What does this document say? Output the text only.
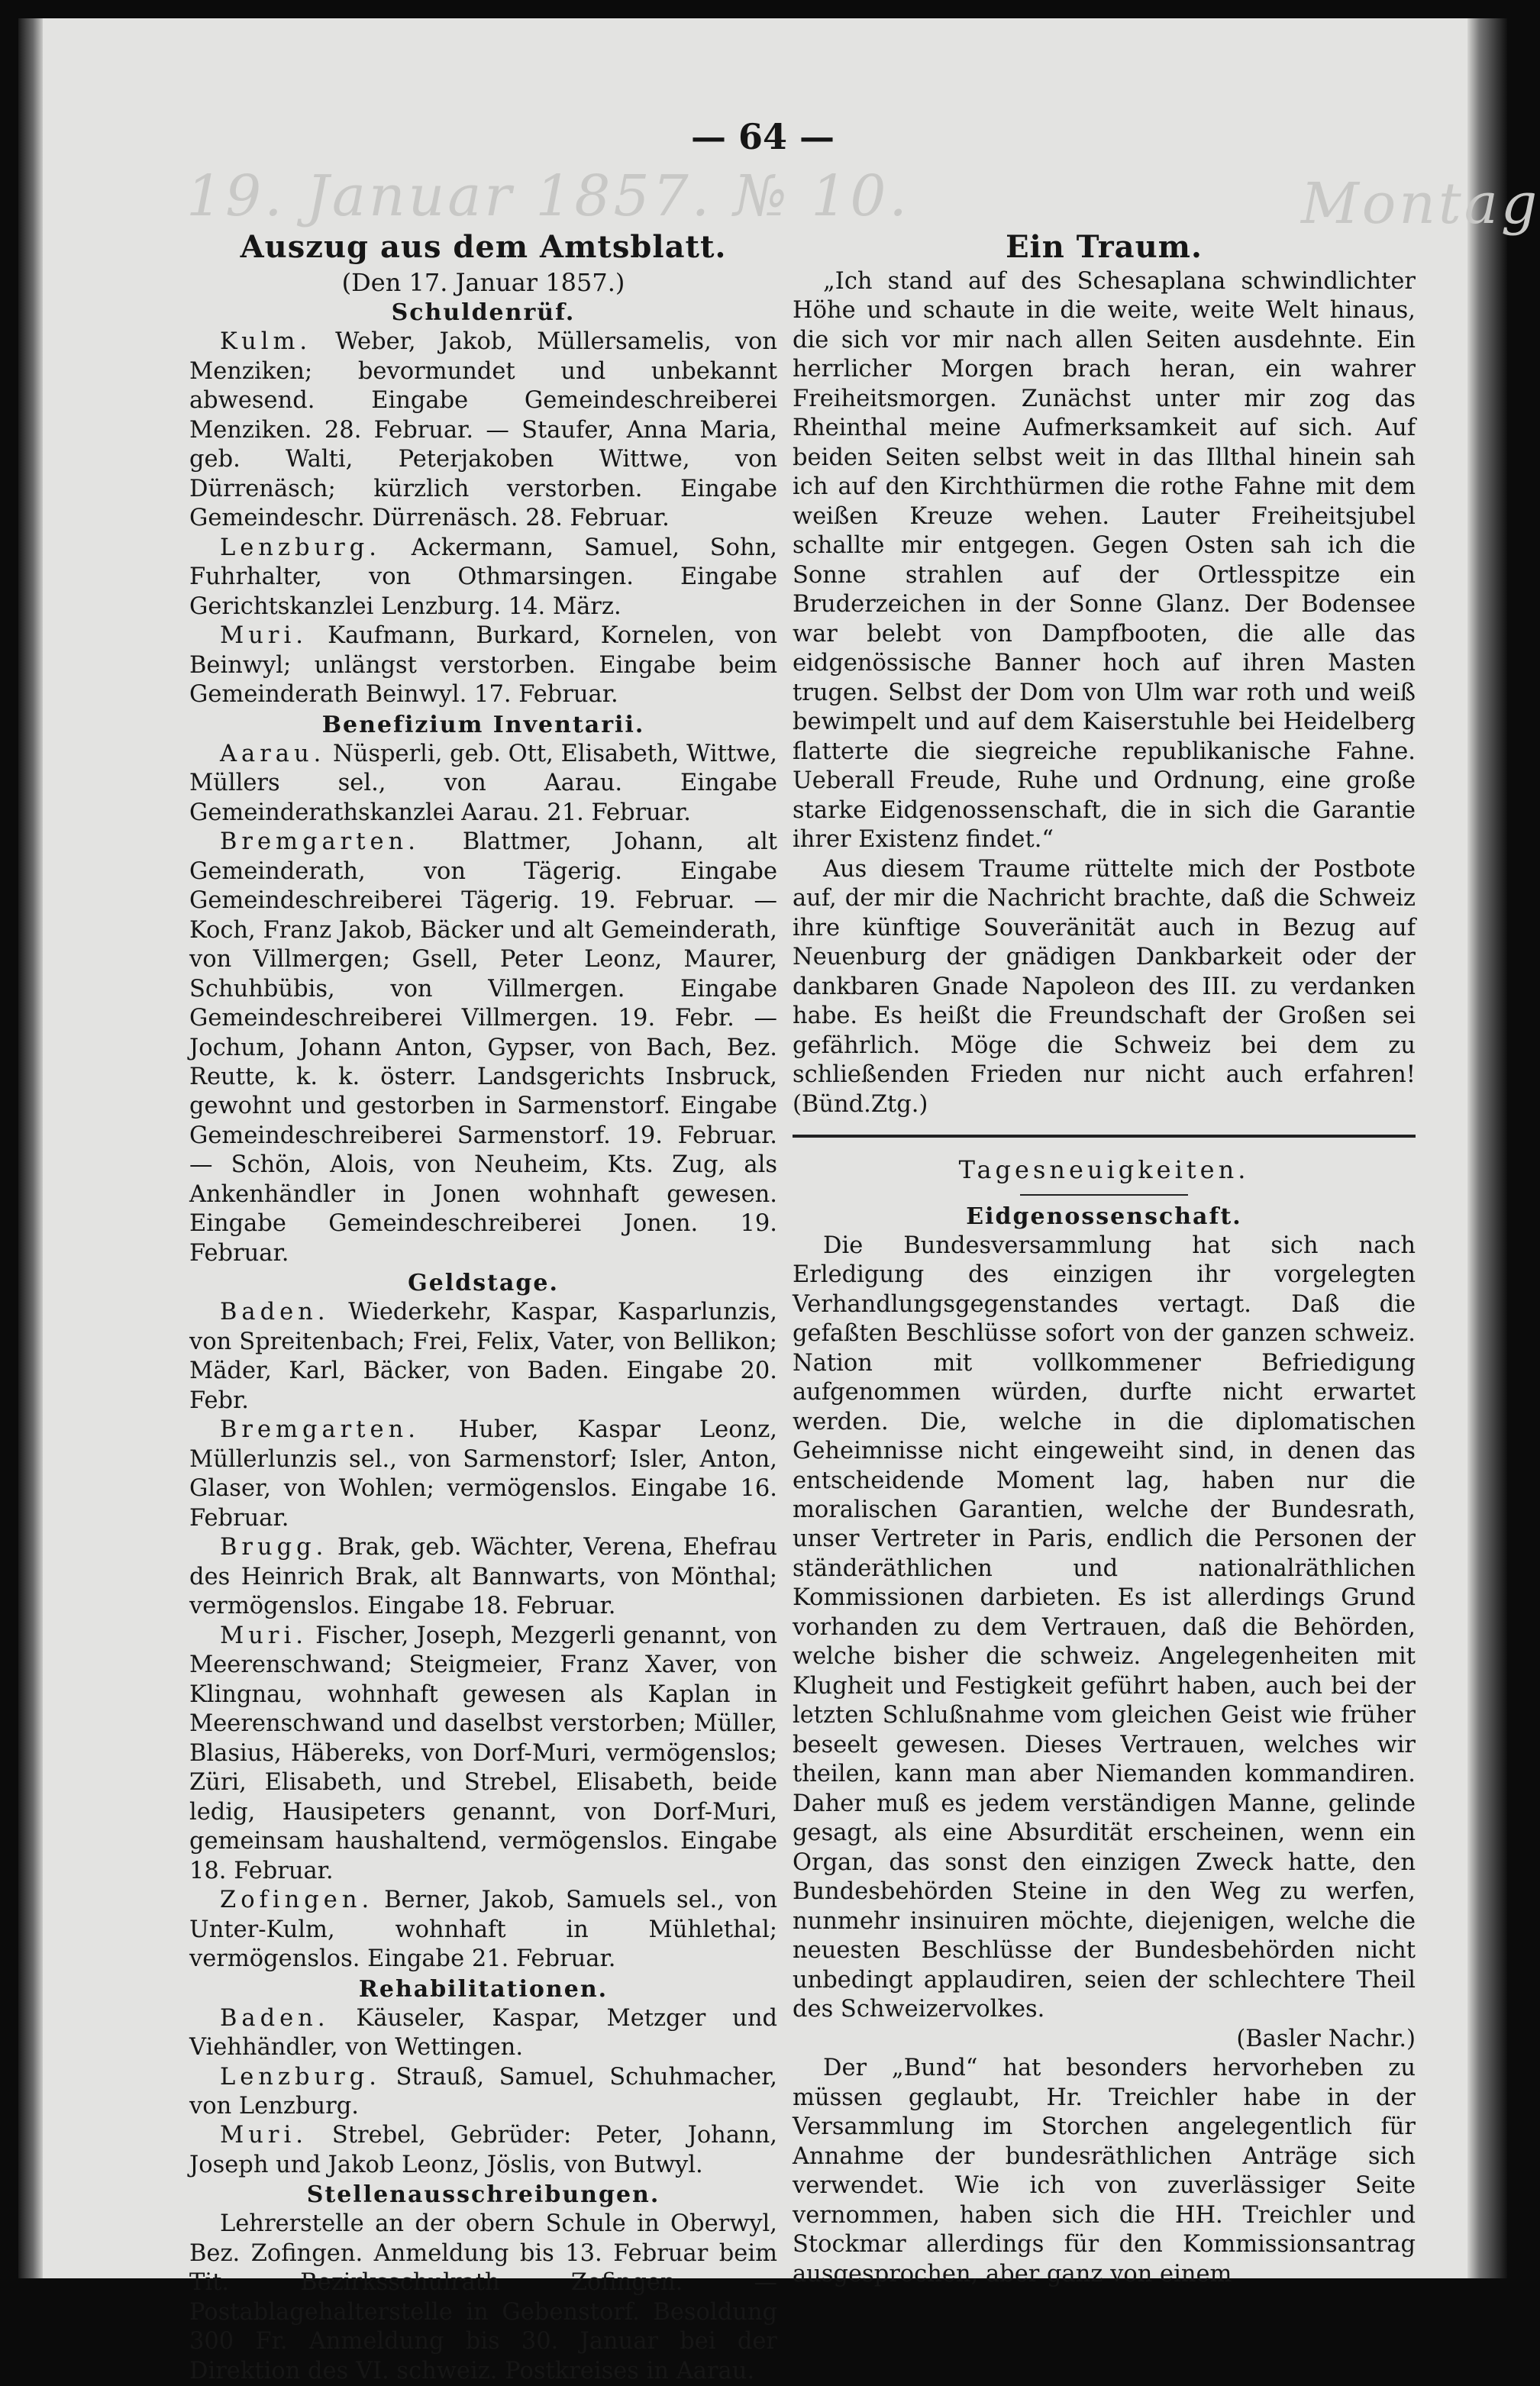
19. Januar 1857. № 10.	Montag
— 64 —
Auszug aus dem Amtsblatt.
(Den 17. Januar 1857.)
Schuldenrüf.

Kulm. Weber, Jakob, Müllersamelis, von Menziken; bevormundet und unbekannt abwesend. Eingabe Gemeindeschreiberei Menziken. 28. Februar. — Staufer, Anna Maria, geb. Walti, Peterjakoben Wittwe, von Dürrenäsch; kürzlich verstorben. Eingabe Gemeindeschr. Dürrenäsch. 28. Februar.

Lenzburg. Ackermann, Samuel, Sohn, Fuhrhalter, von Othmarsingen. Eingabe Gerichtskanzlei Lenzburg. 14. März.

Muri. Kaufmann, Burkard, Kornelen, von Beinwyl; unlängst verstorben. Eingabe beim Gemeinderath Beinwyl. 17. Februar.

Benefizium Inventarii.

Aarau. Nüsperli, geb. Ott, Elisabeth, Wittwe, Müllers sel., von Aarau. Eingabe Gemeinderathskanzlei Aarau. 21. Februar.

Bremgarten. Blattmer, Johann, alt Gemeinderath, von Tägerig. Eingabe Gemeindeschreiberei Tägerig. 19. Februar. — Koch, Franz Jakob, Bäcker und alt Gemeinderath, von Villmergen; Gsell, Peter Leonz, Maurer, Schuhbübis, von Villmergen. Eingabe Gemeindeschreiberei Villmergen. 19. Febr. — Jochum, Johann Anton, Gypser, von Bach, Bez. Reutte, k. k. österr. Landsgerichts Insbruck, gewohnt und gestorben in Sarmenstorf. Eingabe Gemeindeschreiberei Sarmenstorf. 19. Februar. — Schön, Alois, von Neuheim, Kts. Zug, als Ankenhändler in Jonen wohnhaft gewesen. Eingabe Gemeindeschreiberei Jonen. 19. Februar.

Geldstage.

Baden. Wiederkehr, Kaspar, Kasparlunzis, von Spreitenbach; Frei, Felix, Vater, von Bellikon; Mäder, Karl, Bäcker, von Baden. Eingabe 20. Febr.

Bremgarten. Huber, Kaspar Leonz, Müllerlunzis sel., von Sarmenstorf; Isler, Anton, Glaser, von Wohlen; vermögenslos. Eingabe 16. Februar.

Brugg. Brak, geb. Wächter, Verena, Ehefrau des Heinrich Brak, alt Bannwarts, von Mönthal; vermögenslos. Eingabe 18. Februar.

Muri. Fischer, Joseph, Mezgerli genannt, von Meerenschwand; Steigmeier, Franz Xaver, von Klingnau, wohnhaft gewesen als Kaplan in Meerenschwand und daselbst verstorben; Müller, Blasius, Häbereks, von Dorf-Muri, vermögenslos; Züri, Elisabeth, und Strebel, Elisabeth, beide ledig, Hausipeters genannt, von Dorf-Muri, gemeinsam haushaltend, vermögenslos. Eingabe 18. Februar.

Zofingen. Berner, Jakob, Samuels sel., von Unter-Kulm, wohnhaft in Mühlethal; vermögenslos. Eingabe 21. Februar.

Rehabilitationen.

Baden. Käuseler, Kaspar, Metzger und Viehhändler, von Wettingen.

Lenzburg. Strauß, Samuel, Schuhmacher, von Lenzburg.

Muri. Strebel, Gebrüder: Peter, Johann, Joseph und Jakob Leonz, Jöslis, von Butwyl.

Stellenausschreibungen.

Lehrerstelle an der obern Schule in Oberwyl, Bez. Zofingen. Anmeldung bis 13. Februar beim Tit. Bezirksschulrath Zofingen. — Postablagehalterstelle in Gebenstorf. Besoldung 300 Fr. Anmeldung bis 30. Januar bei der Direktion des VI. schweiz. Postkreises in Aarau.

Ein Traum.

„Ich stand auf des Schesaplana schwindlichter Höhe und schaute in die weite, weite Welt hinaus, die sich vor mir nach allen Seiten ausdehnte. Ein herrlicher Morgen brach heran, ein wahrer Freiheitsmorgen. Zunächst unter mir zog das Rheinthal meine Aufmerksamkeit auf sich. Auf beiden Seiten selbst weit in das Illthal hinein sah ich auf den Kirchthürmen die rothe Fahne mit dem weißen Kreuze wehen. Lauter Freiheitsjubel schallte mir entgegen. Gegen Osten sah ich die Sonne strahlen auf der Ortlesspitze ein Bruderzeichen in der Sonne Glanz. Der Bodensee war belebt von Dampfbooten, die alle das eidgenössische Banner hoch auf ihren Masten trugen. Selbst der Dom von Ulm war roth und weiß bewimpelt und auf dem Kaiserstuhle bei Heidelberg flatterte die siegreiche republikanische Fahne. Ueberall Freude, Ruhe und Ordnung, eine große starke Eidgenossenschaft, die in sich die Garantie ihrer Existenz findet.“

Aus diesem Traume rüttelte mich der Postbote auf, der mir die Nachricht brachte, daß die Schweiz ihre künftige Souveränität auch in Bezug auf Neuenburg der gnädigen Dankbarkeit oder der dankbaren Gnade Napoleon des III. zu verdanken habe. Es heißt die Freundschaft der Großen sei gefährlich. Möge die Schweiz bei dem zu schließenden Frieden nur nicht auch erfahren! (Bünd.Ztg.)

Tagesneuigkeiten.
Eidgenossenschaft.

Die Bundesversammlung hat sich nach Erledigung des einzigen ihr vorgelegten Verhandlungsgegenstandes vertagt. Daß die gefaßten Beschlüsse sofort von der ganzen schweiz. Nation mit vollkommener Befriedigung aufgenommen würden, durfte nicht erwartet werden. Die, welche in die diplomatischen Geheimnisse nicht eingeweiht sind, in denen das entscheidende Moment lag, haben nur die moralischen Garantien, welche der Bundesrath, unser Vertreter in Paris, endlich die Personen der ständeräthlichen und nationalräthlichen Kommissionen darbieten. Es ist allerdings Grund vorhanden zu dem Vertrauen, daß die Behörden, welche bisher die schweiz. Angelegenheiten mit Klugheit und Festigkeit geführt haben, auch bei der letzten Schlußnahme vom gleichen Geist wie früher beseelt gewesen. Dieses Vertrauen, welches wir theilen, kann man aber Niemanden kommandiren. Daher muß es jedem verständigen Manne, gelinde gesagt, als eine Absurdität erscheinen, wenn ein Organ, das sonst den einzigen Zweck hatte, den Bundesbehörden Steine in den Weg zu werfen, nunmehr insinuiren möchte, diejenigen, welche die neuesten Beschlüsse der Bundesbehörden nicht unbedingt applaudiren, seien der schlechtere Theil des Schweizervolkes.

(Basler Nachr.)

Der „Bund“ hat besonders hervorheben zu müssen geglaubt, Hr. Treichler habe in der Versammlung im Storchen angelegentlich für Annahme der bundesräthlichen Anträge sich verwendet. Wie ich von zuverlässiger Seite vernommen, haben sich die HH. Treichler und Stockmar allerdings für den Kommissionsantrag ausgesprochen, aber ganz von einem
